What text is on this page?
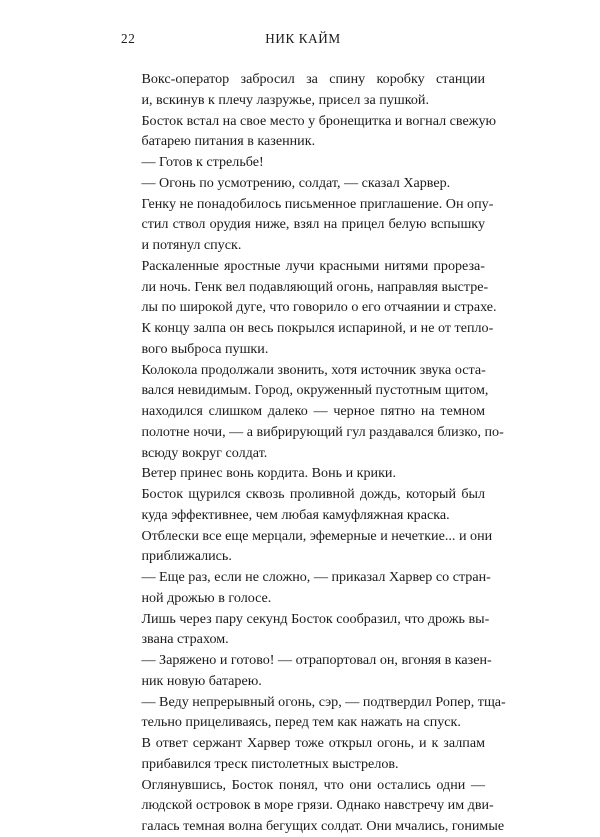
22	НИК КАЙМ

Вокс-оператор забросил за спину коробку станции
и, вскинув к плечу лазружье, присел за пушкой.

Босток встал на свое место у бронещитка и вогнал свежую
батарею питания в казенник.

— Готов к стрельбе!

— Огонь по усмотрению, солдат, — сказал Харвер.

Генку не понадобилось письменное приглашение. Он опу-
стил ствол орудия ниже, взял на прицел белую вспышку
и потянул спуск.

Раскаленные яростные лучи красными нитями прореза-
ли ночь. Генк вел подавляющий огонь, направляя выстре-
лы по широкой дуге, что говорило о его отчаянии и страхе.
К концу залпа он весь покрылся испариной, и не от тепло-
вого выброса пушки.

Колокола продолжали звонить, хотя источник звука оста-
вался невидимым. Город, окруженный пустотным щитом,
находился слишком далеко — черное пятно на темном
полотне ночи, — а вибрирующий гул раздавался близко, по-
всюду вокруг солдат.

Ветер принес вонь кордита. Вонь и крики.

Босток щурился сквозь проливной дождь, который был
куда эффективнее, чем любая камуфляжная краска.

Отблески все еще мерцали, эфемерные и нечеткие... и они
приближались.

— Еще раз, если не сложно, — приказал Харвер со стран-
ной дрожью в голосе.

Лишь через пару секунд Босток сообразил, что дрожь вы-
звана страхом.

— Заряжено и готово! — отрапортовал он, вгоняя в казен-
ник новую батарею.

— Веду непрерывный огонь, сэр, — подтвердил Ропер, тща-
тельно прицеливаясь, перед тем как нажать на спуск.

В ответ сержант Харвер тоже открыл огонь, и к залпам
прибавился треск пистолетных выстрелов.

Оглянувшись, Босток понял, что они остались одни —
людской островок в море грязи. Однако навстречу им дви-
галась темная волна бегущих солдат. Они мчались, гонимые
